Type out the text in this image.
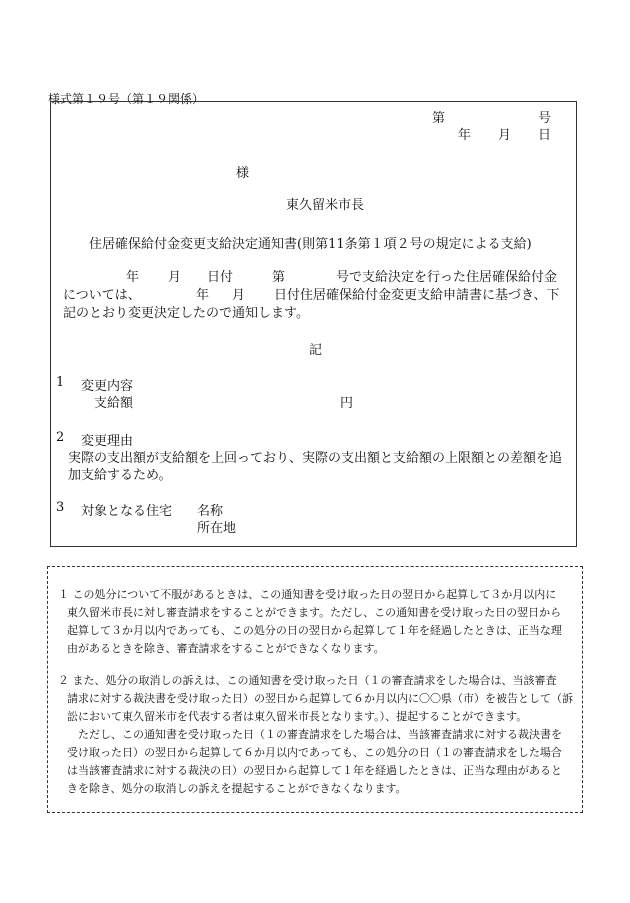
様式第１９号（第１９関係）
第	号
年 月 日
様
東久留米市長
住居確保給付金変更支給決定通知書(則第11条第１項２号の規定による支給)
年 月 日付	第	号で支給決定を行った住居確保給付金
については、	年 月 日付住居確保給付金変更支給申請書に基づき、下
記のとおり変更決定したので通知します。
記
1 変更内容
支給額	円
2 変更理由
実際の支出額が支給額を上回っており、実際の支出額と支給額の上限額との差額を追
加支給するため。
3 対象となる住宅 名称
所在地
１ この処分について不服があるときは、この通知書を受け取った日の翌日から起算して３か月以内に
東久留米市長に対し審査請求をすることができます。ただし、この通知書を受け取った日の翌日から
起算して３か月以内であっても、この処分の日の翌日から起算して１年を経過したときは、正当な理
由があるときを除き、審査請求をすることができなくなります。
２ また、処分の取消しの訴えは、この通知書を受け取った日（１の審査請求をした場合は、当該審査
請求に対する裁決書を受け取った日）の翌日から起算して６か月以内に〇〇県（市）を被告として（訴
訟において東久留米市を代表する者は東久留米市長となります。）、提起することができます。
ただし、この通知書を受け取った日（１の審査請求をした場合は、当該審査請求に対する裁決書を
受け取った日）の翌日から起算して６か月以内であっても、この処分の日（１の審査請求をした場合
は当該審査請求に対する裁決の日）の翌日から起算して１年を経過したときは、正当な理由があると
きを除き、処分の取消しの訴えを提起することができなくなります。
